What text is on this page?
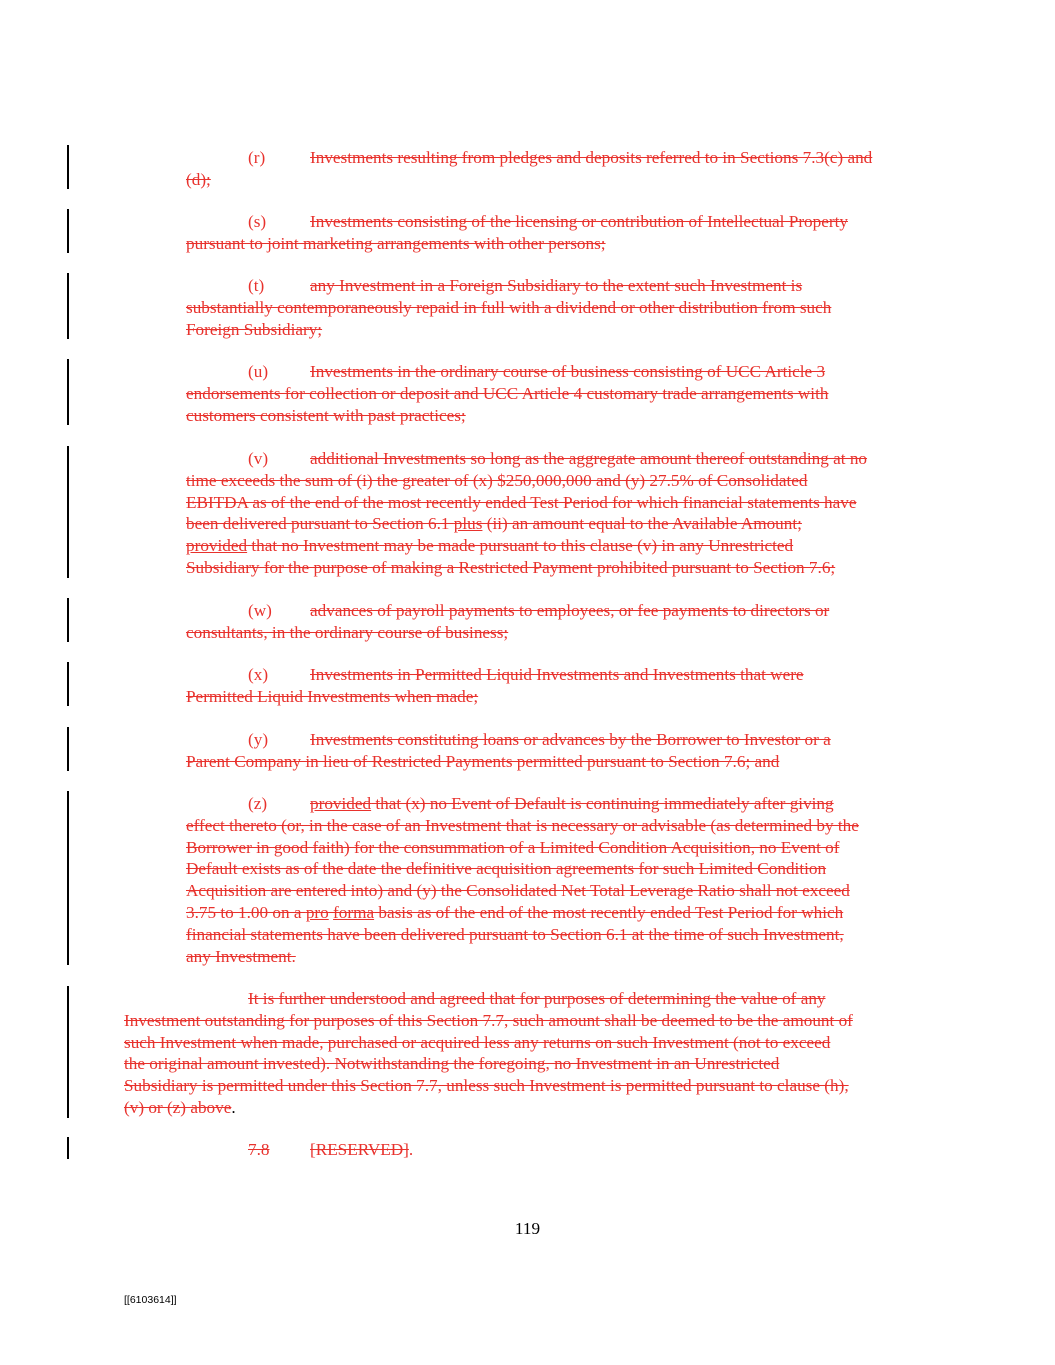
(r)	Investments resulting from pledges and deposits referred to in Sections 7.3(c) and

(d);

(s)	Investments consisting of the licensing or contribution of Intellectual Property

pursuant to joint marketing arrangements with other persons;

(t)	any Investment in a Foreign Subsidiary to the extent such Investment is

substantially contemporaneously repaid in full with a dividend or other distribution from such

Foreign Subsidiary;

(u) Investments in the ordinary course of business consisting of UCC Article 3

endorsements for collection or deposit and UCC Article 4 customary trade arrangements with

customers consistent with past practices;

(v) additional Investments so long as the aggregate amount thereof outstanding at no

time exceeds the sum of (i) the greater of (x) $250,000,000 and (y) 27.5% of Consolidated

EBITDA as of the end of the most recently ended Test Period for which financial statements have

been delivered pursuant to Section 6.1 plus (ii) an amount equal to the Available Amount;

provided that no Investment may be made pursuant to this clause (v) in any Unrestricted

Subsidiary for the purpose of making a Restricted Payment prohibited pursuant to Section 7.6;

(w) advances of payroll payments to employees, or fee payments to directors or

consultants, in the ordinary course of business;

(x) Investments in Permitted Liquid Investments and Investments that were

Permitted Liquid Investments when made;

(y) Investments constituting loans or advances by the Borrower to Investor or a

Parent Company in lieu of Restricted Payments permitted pursuant to Section 7.6; and

(z) provided that (x) no Event of Default is continuing immediately after giving

effect thereto (or, in the case of an Investment that is necessary or advisable (as determined by the

Borrower in good faith) for the consummation of a Limited Condition Acquisition, no Event of

Default exists as of the date the definitive acquisition agreements for such Limited Condition

Acquisition are entered into) and (y) the Consolidated Net Total Leverage Ratio shall not exceed

3.75 to 1.00 on a pro forma basis as of the end of the most recently ended Test Period for which

financial statements have been delivered pursuant to Section 6.1 at the time of such Investment,

any Investment.

It is further understood and agreed that for purposes of determining the value of any

Investment outstanding for purposes of this Section 7.7, such amount shall be deemed to be the amount of

such Investment when made, purchased or acquired less any returns on such Investment (not to exceed

the original amount invested). Notwithstanding the foregoing, no Investment in an Unrestricted

Subsidiary is permitted under this Section 7.7, unless such Investment is permitted pursuant to clause (h),

(v) or (z) above.

7.8 [RESERVED].

119
[[6103614]]
